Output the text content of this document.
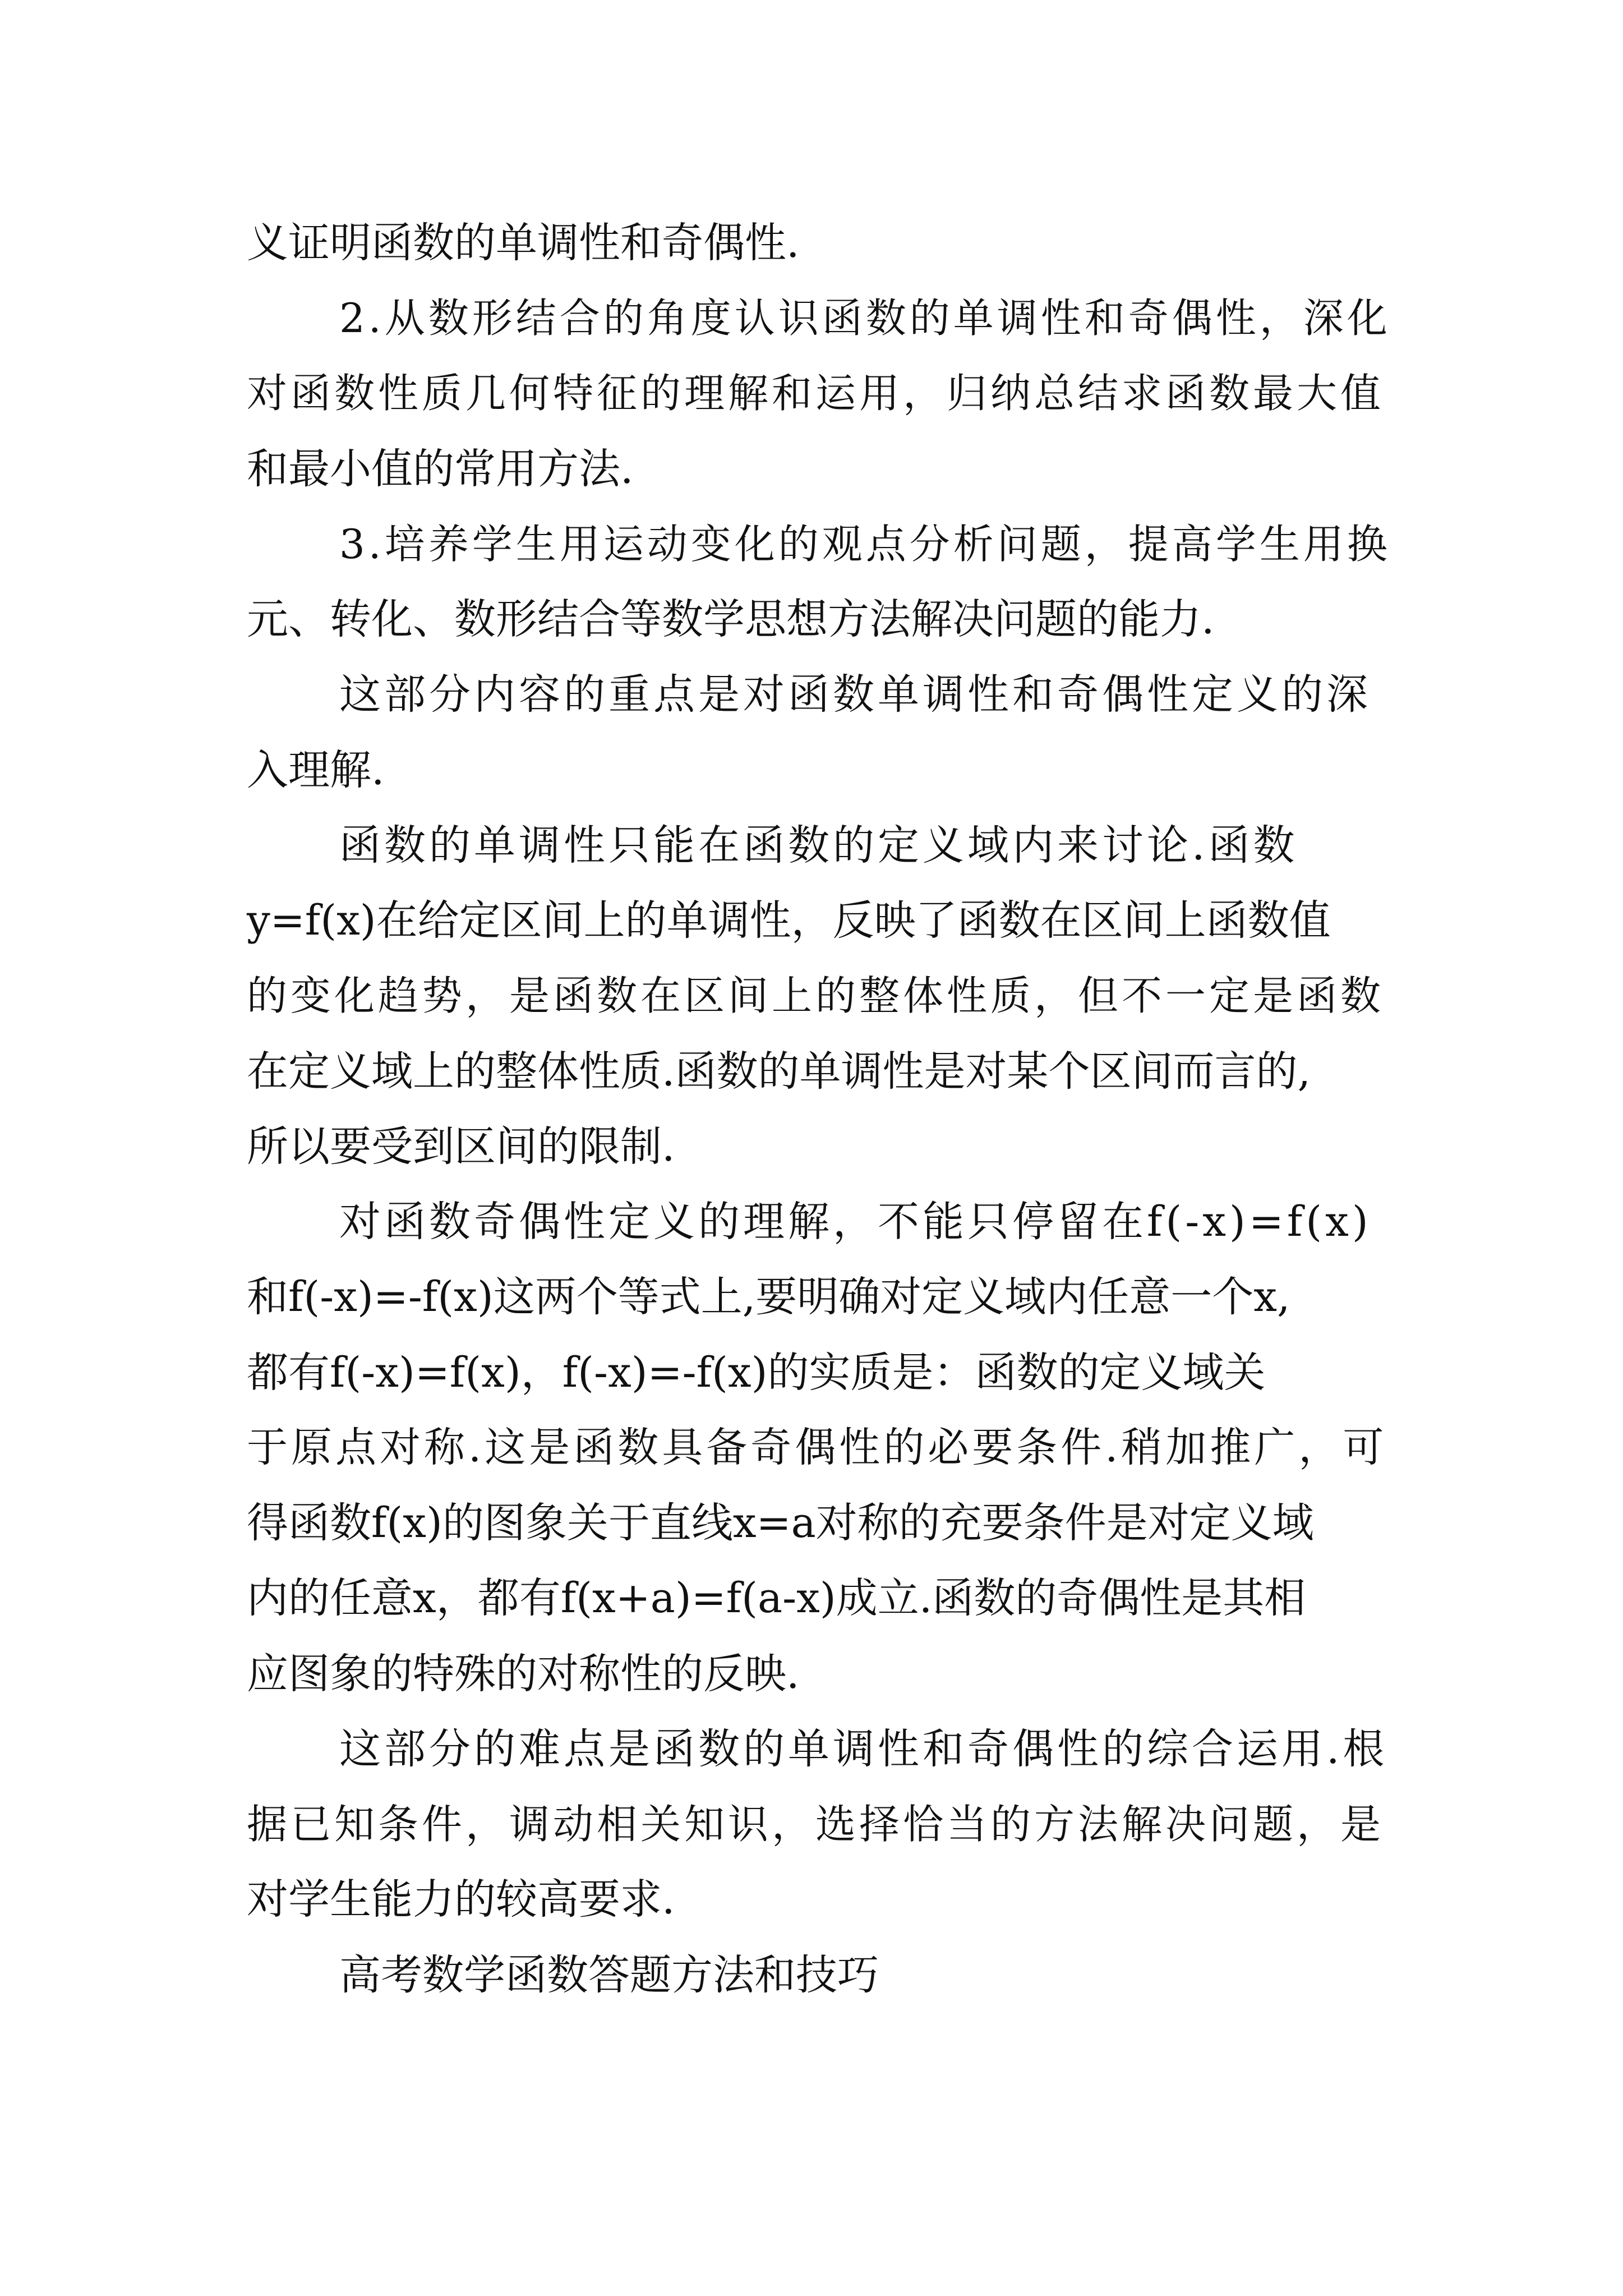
义证明函数的单调性和奇偶性.
2.从数形结合的角度认识函数的单调性和奇偶性，深化
对函数性质几何特征的理解和运用，归纳总结求函数最大值
和最小值的常用方法.
3.培养学生用运动变化的观点分析问题，提高学生用换
元、转化、数形结合等数学思想方法解决问题的能力.
这部分内容的重点是对函数单调性和奇偶性定义的深
入理解.
函数的单调性只能在函数的定义域内来讨论.函数
y=f(x)在给定区间上的单调性，反映了函数在区间上函数值
的变化趋势，是函数在区间上的整体性质，但不一定是函数
在定义域上的整体性质.函数的单调性是对某个区间而言的,
所以要受到区间的限制.
对函数奇偶性定义的理解，不能只停留在f(-x)=f(x)
和f(-x)=-f(x)这两个等式上,要明确对定义域内任意一个x,
都有f(-x)=f(x)，f(-x)=-f(x)的实质是：函数的定义域关
于原点对称.这是函数具备奇偶性的必要条件.稍加推广，可
得函数f(x)的图象关于直线x=a对称的充要条件是对定义域
内的任意x，都有f(x+a)=f(a-x)成立.函数的奇偶性是其相
应图象的特殊的对称性的反映.
这部分的难点是函数的单调性和奇偶性的综合运用.根
据已知条件，调动相关知识，选择恰当的方法解决问题，是
对学生能力的较高要求.
高考数学函数答题方法和技巧
